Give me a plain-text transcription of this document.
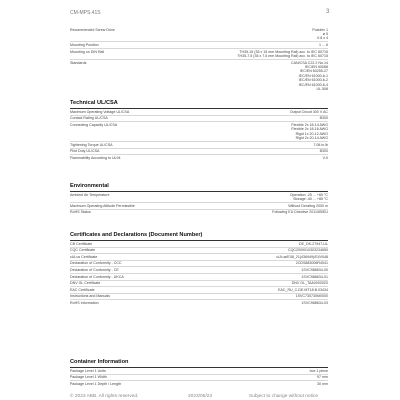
CM-MPS.41S	3
Recommended Screw Drive	Pozidriv 1
ø 5
0.8 x 4
Mounting Position	1 ... 6
Mounting on DIN Rail	TH35-15 (35 x 15 mm Mounting Rail) acc. to IEC 60715
TH35-7.5 (35 x 7.5 mm Mounting Rail) acc. to IEC 60715
Standards	CAN/CSA C22.2 No.14
IEC/EN 60068
IEC/EN 60255-27
IEC/EN 61000-6-1
IEC/EN 61000-6-2
IEC/EN 61000-6-4
UL 508
Technical UL/CSA
Maximum Operating Voltage UL/CSA	Output Circuit 300 V AC
Contact Rating UL/CSA	B300
Connecting Capacity UL/CSA	Flexible 2x 18-14 AWG
Flexible 2x 18-16 AWG
Rigid 1x 20-12 AWG
Rigid 2x 20-14 AWG
Tightening Torque UL/CSA	7.08 in.lb
Pilot Duty UL/CSA	B300
Flammability According to UL94	V-0
Environmental
Ambient Air Temperature	Operation -25 ... +60 °C
Storage -40 ... +85 °C
Maximum Operating Altitude Permissible	Without Derating 2000 m
RoHS Status	Following EU Directive 2011/65/EU
Certificates and Declarations (Document Number)
CB Certificate	DE_DK-27947-UL
CQC Certificate	CQC2009010303234650
cULus Certificate	cULus/E08_21(436949)/E4V048
Declaration of Conformity - CCC	2CDS883006R4041
Declaration of Conformity - CE	1SVC988634-00
Declaration of Conformity - UKCA	1SVC988634-01
DNV GL Certificate	DNV GL_TAA00000Z0
EAC Certificate	EAC_RU_C-DE.MT18.B.03434
Instructions and Manuals	1SVC730730M0000
RoHS Information	1SVC988634-03
Container Information
Package Level 1 Units	box 1 piece
Package Level 1 Width	97 mm
Package Level 1 Depth / Length	30 mm
© 2023 ABB. All rights reserved.	2023/05/23	Subject to change without notice
